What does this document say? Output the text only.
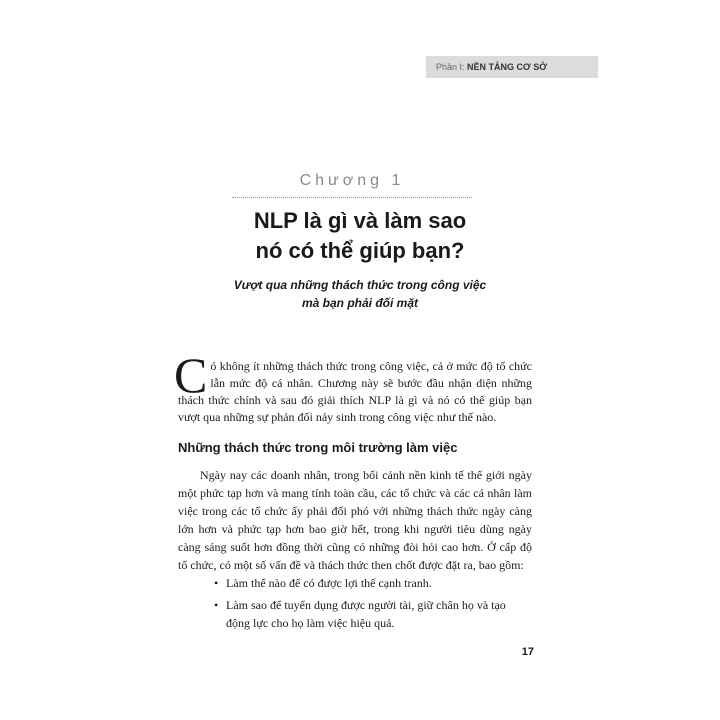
Phần I: NỀN TẢNG CƠ SỞ
Chương 1
NLP là gì và làm sao
nó có thể giúp bạn?
Vượt qua những thách thức trong công việc
mà bạn phải đối mặt
Có không ít những thách thức trong công việc, cả ở mức độ tổ chức lẫn mức độ cá nhân. Chương này sẽ bước đầu nhận diện những thách thức chính và sau đó giải thích NLP là gì và nó có thể giúp bạn vượt qua những sự phản đối nảy sinh trong công việc như thế nào.
Những thách thức trong môi trường làm việc

Ngày nay các doanh nhân, trong bối cảnh nền kinh tế thế giới ngày một phức tạp hơn và mang tính toàn cầu, các tổ chức và các cá nhân làm việc trong các tổ chức ấy phải đối phó với những thách thức ngày càng lớn hơn và phức tạp hơn bao giờ hết, trong khi người tiêu dùng ngày càng sáng suốt hơn đồng thời cũng có những đòi hỏi cao hơn. Ở cấp độ tổ chức, có một số vấn đề và thách thức then chốt được đặt ra, bao gồm:

• Làm thế nào để có được lợi thế cạnh tranh.
• Làm sao để tuyển dụng được người tài, giữ chân họ và tạo động lực cho họ làm việc hiệu quả.
17
